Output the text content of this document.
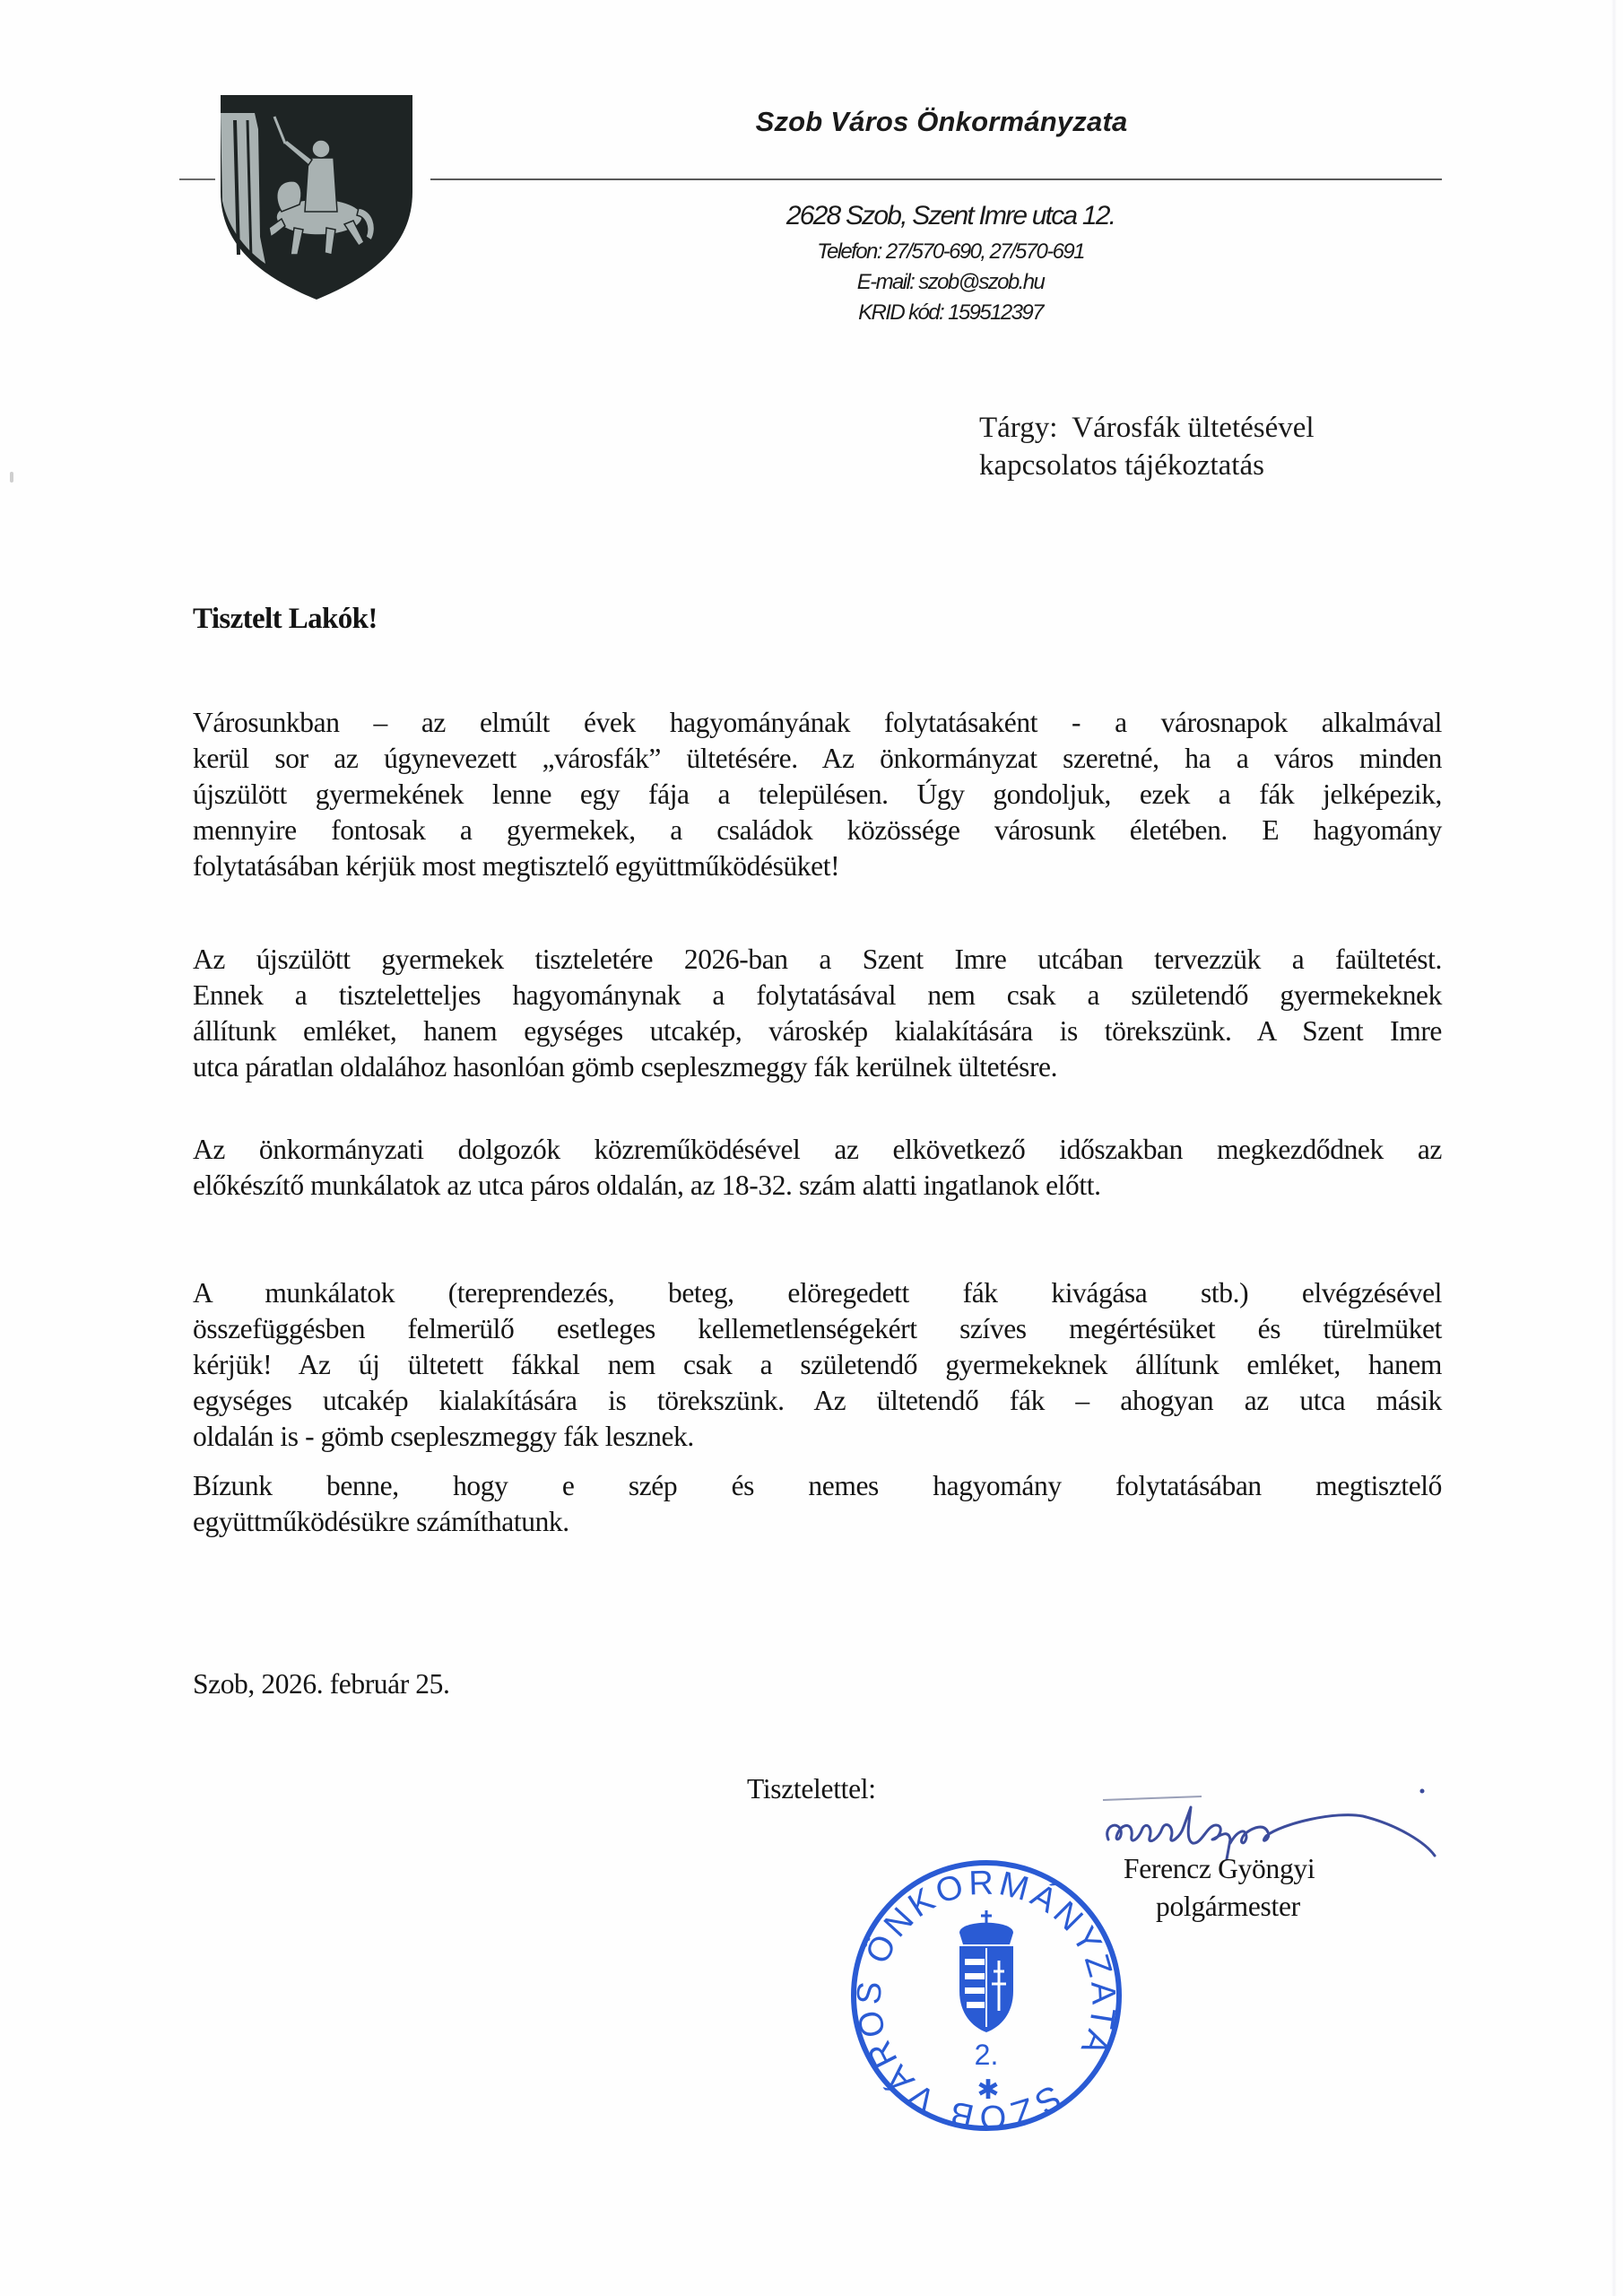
Szob Város Önkormányzata
2628 Szob, Szent Imre utca 12.
Telefon: 27/570-690, 27/570-691
E-mail: szob@szob.hu
KRID kód: 159512397
Tárgy:  Városfák ültetésével
kapcsolatos tájékoztatás
Tisztelt Lakók!
Városunkban – az elmúlt évek hagyományának folytatásaként - a városnapok alkalmával
kerül sor az úgynevezett „városfák” ültetésére. Az önkormányzat szeretné, ha a város minden
újszülött gyermekének lenne egy fája a településen. Úgy gondoljuk, ezek a fák jelképezik,
mennyire fontosak a gyermekek, a családok közössége városunk életében. E hagyomány
folytatásában kérjük most megtisztelő együttműködésüket!
Az újszülött gyermekek tiszteletére 2026-ban a Szent Imre utcában tervezzük a faültetést.
Ennek a tiszteletteljes hagyománynak a folytatásával nem csak a születendő gyermekeknek
állítunk emléket, hanem egységes utcakép, városkép kialakítására is törekszünk. A Szent Imre
utca páratlan oldalához hasonlóan gömb csepleszmeggy fák kerülnek ültetésre.
Az önkormányzati dolgozók közreműködésével az elkövetkező időszakban megkezdődnek az
előkészítő munkálatok az utca páros oldalán, az 18-32. szám alatti ingatlanok előtt.
A munkálatok (tereprendezés, beteg, elöregedett fák kivágása stb.) elvégzésével
összefüggésben felmerülő esetleges kellemetlenségekért szíves megértésüket és türelmüket
kérjük! Az új ültetett fákkal nem csak a születendő gyermekeknek állítunk emléket, hanem
egységes utcakép kialakítására is törekszünk. Az ültetendő fák – ahogyan az utca másik
oldalán is - gömb csepleszmeggy fák lesznek.
Bízunk benne, hogy e szép és nemes hagyomány folytatásában megtisztelő
együttműködésükre számíthatunk.
Szob, 2026. február 25.
Tisztelettel:
SZOB VÁROS ÖNKORMÁNYZATA
2.
✱
Ferencz Gyöngyi
polgármester
